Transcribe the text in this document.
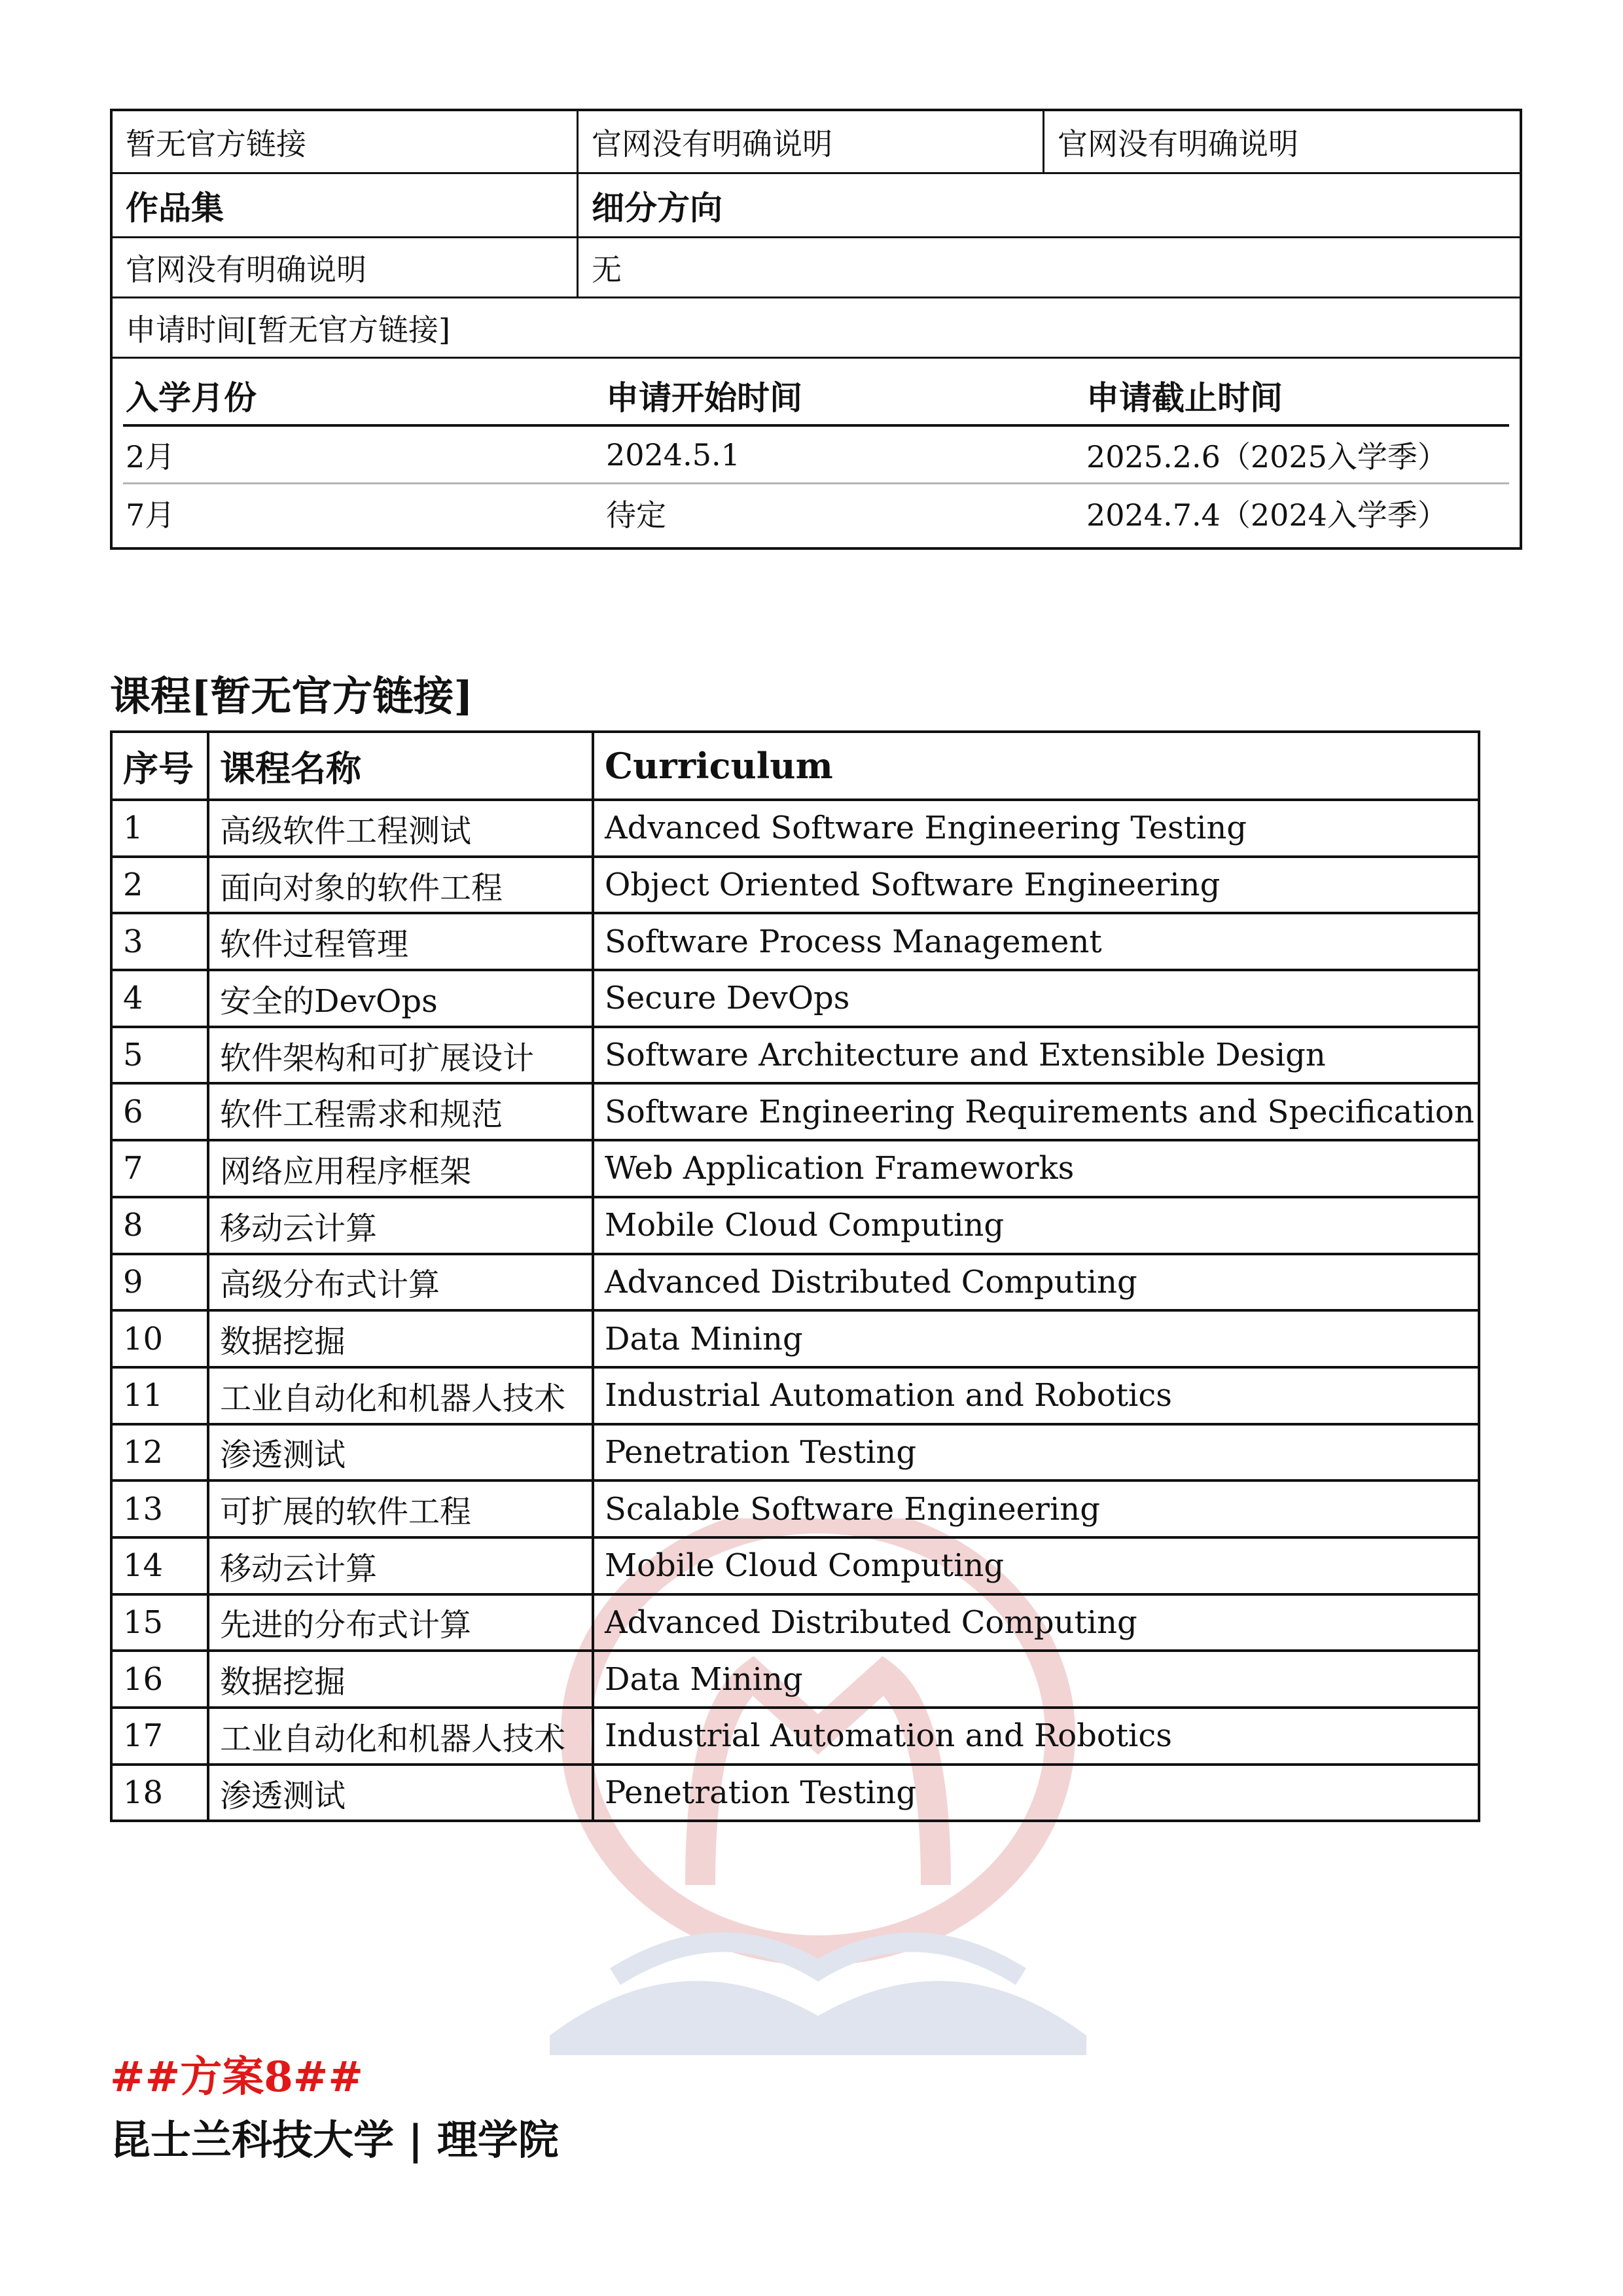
暂无官方链接	官网没有明确说明	官网没有明确说明
作品集	细分方向
官网没有明确说明	无
申请时间[暂无官方链接]
入学月份	申请开始时间	申请截止时间
2月	2024.5.1	2025.2.6（2025入学季）
7月	待定	2024.7.4（2024入学季）
课程[暂无官方链接]
序号	课程名称	Curriculum
1	高级软件工程测试	Advanced Software Engineering Testing
2	面向对象的软件工程	Object Oriented Software Engineering
3	软件过程管理	Software Process Management
4	安全的DevOps	Secure DevOps
5	软件架构和可扩展设计	Software Architecture and Extensible Design
6	软件工程需求和规范	Software Engineering Requirements and Specification
7	网络应用程序框架	Web Application Frameworks
8	移动云计算	Mobile Cloud Computing
9	高级分布式计算	Advanced Distributed Computing
10	数据挖掘	Data Mining
11	工业自动化和机器人技术	Industrial Automation and Robotics
12	渗透测试	Penetration Testing
13	可扩展的软件工程	Scalable Software Engineering
14	移动云计算	Mobile Cloud Computing
15	先进的分布式计算	Advanced Distributed Computing
16	数据挖掘	Data Mining
17	工业自动化和机器人技术	Industrial Automation and Robotics
18	渗透测试	Penetration Testing
##方案8##
昆士兰科技大学 | 理学院
